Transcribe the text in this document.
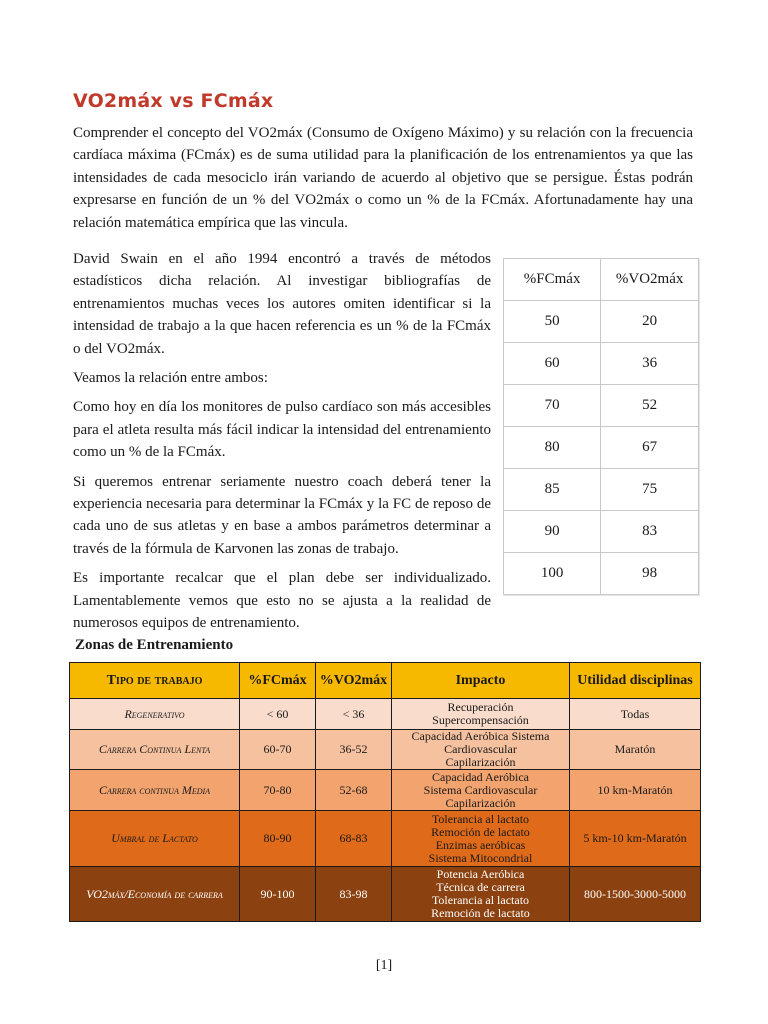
VO2máx vs FCmáx

Comprender el concepto del VO2máx (Consumo de Oxígeno Máximo) y su relación con la frecuencia cardíaca máxima (FCmáx) es de suma utilidad para la planificación de los entrenamientos ya que las intensidades de cada mesociclo irán variando de acuerdo al objetivo que se persigue. Éstas podrán expresarse en función de un % del VO2máx o como un % de la FCmáx. Afortunadamente hay una relación matemática empírica que las vincula.

David Swain en el año 1994 encontró a través de métodos estadísticos dicha relación. Al investigar bibliografías de entrenamientos muchas veces los autores omiten identificar si la intensidad de trabajo a la que hacen referencia es un % de la FCmáx o del VO2máx.

Veamos la relación entre ambos:

Como hoy en día los monitores de pulso cardíaco son más accesibles para el atleta resulta más fácil indicar la intensidad del entrenamiento como un % de la FCmáx.

Si queremos entrenar seriamente nuestro coach deberá tener la experiencia necesaria para determinar la FCmáx y la FC de reposo de cada uno de sus atletas y en base a ambos parámetros determinar a través de la fórmula de Karvonen las zonas de trabajo.

Es importante recalcar que el plan debe ser individualizado. Lamentablemente vemos que esto no se ajusta a la realidad de numerosos equipos de entrenamiento.

%FCmáx	%VO2máx
50	20
60	36
70	52
80	67
85	75
90	83
100	98
Zonas de Entrenamiento
Tipo de trabajo	%FCmáx	%VO2máx	Impacto	Utilidad disciplinas
Regenerativo	< 60	< 36	Recuperación
Supercompensación	Todas
Carrera Continua Lenta	60-70	36-52	Capacidad Aeróbica Sistema
Cardiovascular
Capilarización	Maratón
Carrera continua Media	70-80	52-68	Capacidad Aeróbica
Sistema Cardiovascular
Capilarización	10 km-Maratón
Umbral de Lactato	80-90	68-83	Tolerancia al lactato
Remoción de lactato
Enzimas aeróbicas
Sistema Mitocondrial	5 km-10 km-Maratón
VO2máx/Economía de carrera	90-100	83-98	Potencia Aeróbica
Técnica de carrera
Tolerancia al lactato
Remoción de lactato	800-1500-3000-5000
[1]
